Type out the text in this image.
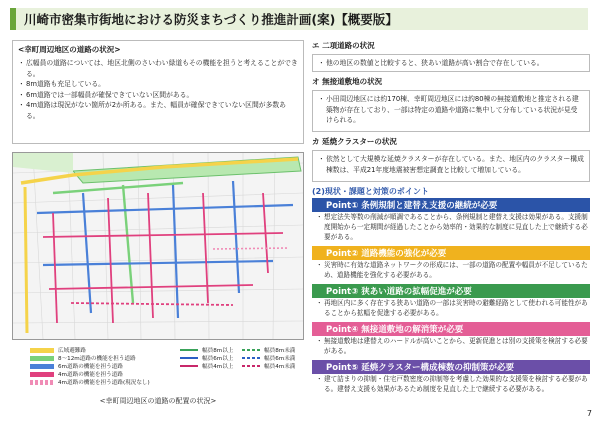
川崎市密集市街地における防災まちづくり推進計画(案)【概要版】
<幸町周辺地区の道路の状況>
・ 広幅員の道路については、地区北側のさいわい緑道もその機能を担うと考えることができる。
・ 8m道路も充足している。
・ 6m道路では一部幅員が確保できていない区間がある。
・ 4m道路は現況がない箇所が2か所ある。また、幅員が確保できていない区間が多数ある。
広域避難路
8～12m道路の機能を担う道路
6m道路の機能を担う道路
4m道路の機能を担う道路
4m道路の機能を担う道路(現況なし)
幅員8m以上
幅員6m以上
幅員4m以上
幅員8m未満
幅員6m未満
幅員4m未満
<幸町周辺地区の道路の配置の状況>
エ 二項道路の状況
・ 他の地区の数値と比較すると、狭あい道路が高い割合で存在している。
オ 無接道敷地の状況
・ 小田周辺地区には約170棟、幸町周辺地区には約80棟の無接道敷地と推定される建築物が存在しており、一部は特定の道路や道路に集中して分布している状況が見受けられる。
カ 延焼クラスターの状況
・ 依然として大規模な延焼クラスターが存在している。また、地区内のクラスター構成棟数は、平成21年度地震被害想定調査と比較して増加している。
(2)現状・課題と対策のポイント
Point① 条例規制と建替え支援の継続が必要
・ 想定法失等数の削減が順調であることから、条例規制と建替え支援は効果がある。支援制度開始から一定期間が経過したことから効率的・効果的な制度に見直した上で継続する必要がある。
Point② 道路機能の強化が必要
・ 災害時に有効な道路ネットワークの形成には、一部の道路の配置や幅員が不足しているため、道路機能を強化する必要がある。
Point③ 狭あい道路の拡幅促進が必要
・ 再地区内に多く存在する狭あい道路の一部は災害時の避難経路として使われる可能性があることから拡幅を促進する必要がある。
Point④ 無接道敷地の解消策が必要
・ 無接道敷地は建替えのハードルが高いことから、更新促進とは別の支援策を検討する必要がある。
Point⑤ 延焼クラスター構成棟数の抑制策が必要
・ 建て詰まりの抑制・住宅戸数密度の抑制等を考慮した効果的な支援策を検討する必要がある。建替え支援も効果があるため制度を見直した上で継続する必要がある。
7
